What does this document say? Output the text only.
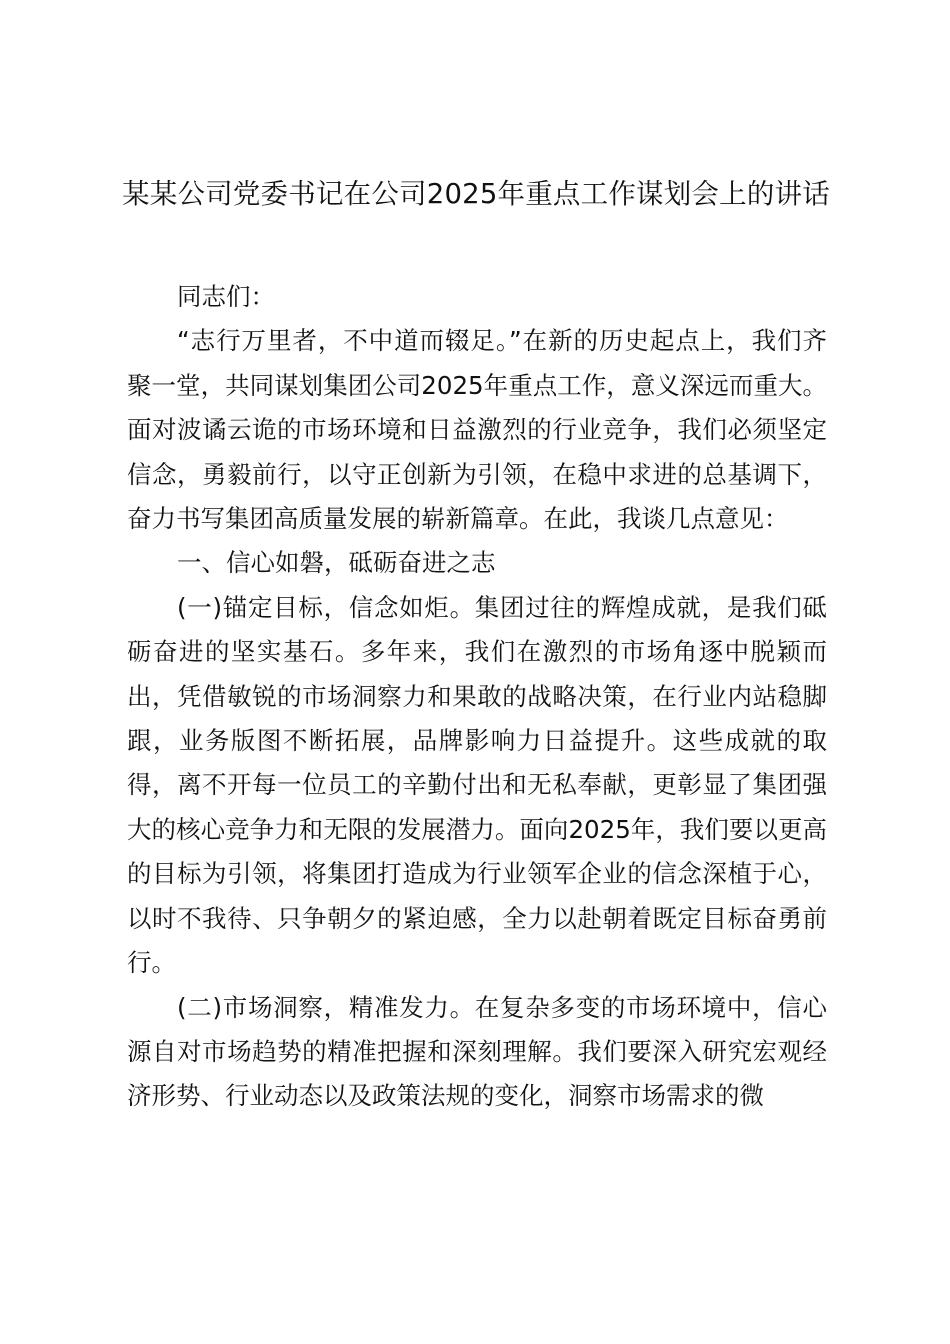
某某公司党委书记在公司2025年重点工作谋划会上的讲话

同志们：

“志行万里者，不中道而辍足。”在新的历史起点上，我们齐聚一堂，共同谋划集团公司2025年重点工作，意义深远而重大。面对波谲云诡的市场环境和日益激烈的行业竞争，我们必须坚定信念，勇毅前行，以守正创新为引领，在稳中求进的总基调下，奋力书写集团高质量发展的崭新篇章。在此，我谈几点意见：

一、信心如磐，砥砺奋进之志

(一)锚定目标，信念如炬。集团过往的辉煌成就，是我们砥砺奋进的坚实基石。多年来，我们在激烈的市场角逐中脱颖而出，凭借敏锐的市场洞察力和果敢的战略决策，在行业内站稳脚跟，业务版图不断拓展，品牌影响力日益提升。这些成就的取得，离不开每一位员工的辛勤付出和无私奉献，更彰显了集团强大的核心竞争力和无限的发展潜力。面向2025年，我们要以更高的目标为引领，将集团打造成为行业领军企业的信念深植于心，以时不我待、只争朝夕的紧迫感，全力以赴朝着既定目标奋勇前行。

(二)市场洞察，精准发力。在复杂多变的市场环境中，信心源自对市场趋势的精准把握和深刻理解。我们要深入研究宏观经济形势、行业动态以及政策法规的变化，洞察市场需求的微
